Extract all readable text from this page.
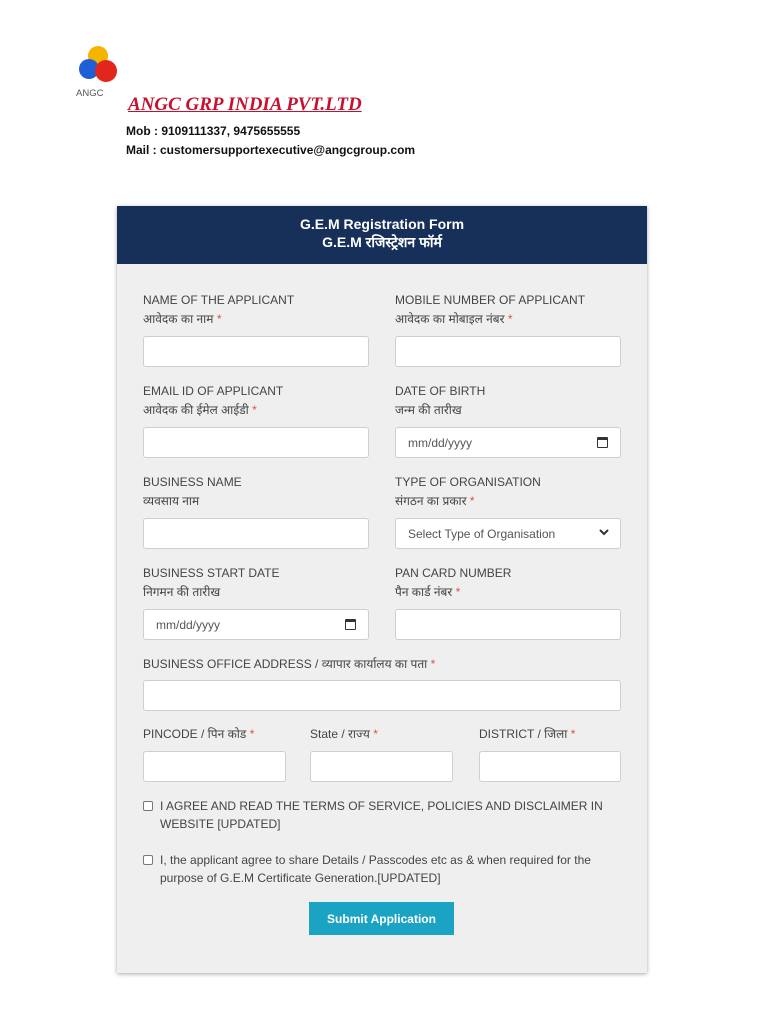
ANGC
ANGC GRP INDIA PVT.LTD
Mob : 9109111337, 9475655555
Mail : customersupportexecutive@angcgroup.com
G.E.M Registration Form
G.E.M रजिस्ट्रेशन फॉर्म
NAME OF THE APPLICANT
आवेदक का नाम *
MOBILE NUMBER OF APPLICANT
आवेदक का मोबाइल नंबर *
EMAIL ID OF APPLICANT
आवेदक की ईमेल आईडी *
DATE OF BIRTH
जन्म की तारीख
mm/dd/yyyy
BUSINESS NAME
व्यवसाय नाम
TYPE OF ORGANISATION
संगठन का प्रकार *
Select Type of Organisation
BUSINESS START DATE
निगमन की तारीख
mm/dd/yyyy
PAN CARD NUMBER
पैन कार्ड नंबर *
BUSINESS OFFICE ADDRESS / व्यापार कार्यालय का पता *
PINCODE / पिन कोड *	State / राज्य *	DISTRICT / जिला *
I AGREE AND READ THE TERMS OF SERVICE, POLICIES AND DISCLAIMER IN WEBSITE [UPDATED]
I, the applicant agree to share Details / Passcodes etc as & when required for the purpose of G.E.M Certificate Generation.[UPDATED]
Submit Application
